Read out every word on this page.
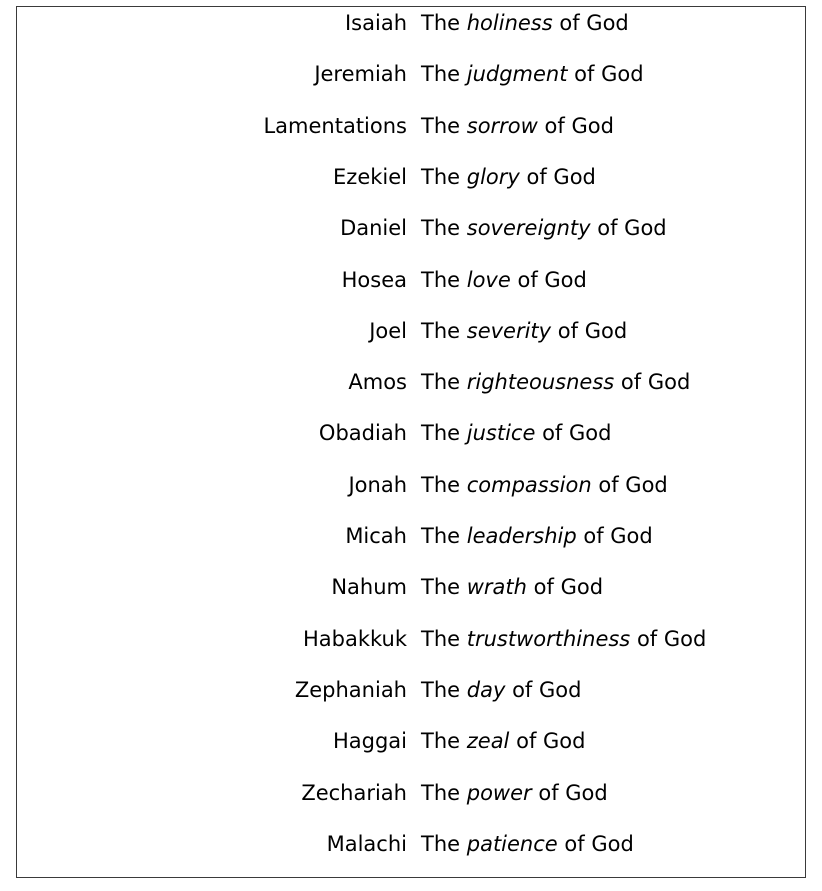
Isaiah The holiness of God
Jeremiah The judgment of God
Lamentations The sorrow of God
Ezekiel The glory of God
Daniel The sovereignty of God
Hosea The love of God
Joel The severity of God
Amos The righteousness of God
Obadiah The justice of God
Jonah The compassion of God
Micah The leadership of God
Nahum The wrath of God
Habakkuk The trustworthiness of God
Zephaniah The day of God
Haggai The zeal of God
Zechariah The power of God
Malachi The patience of God
